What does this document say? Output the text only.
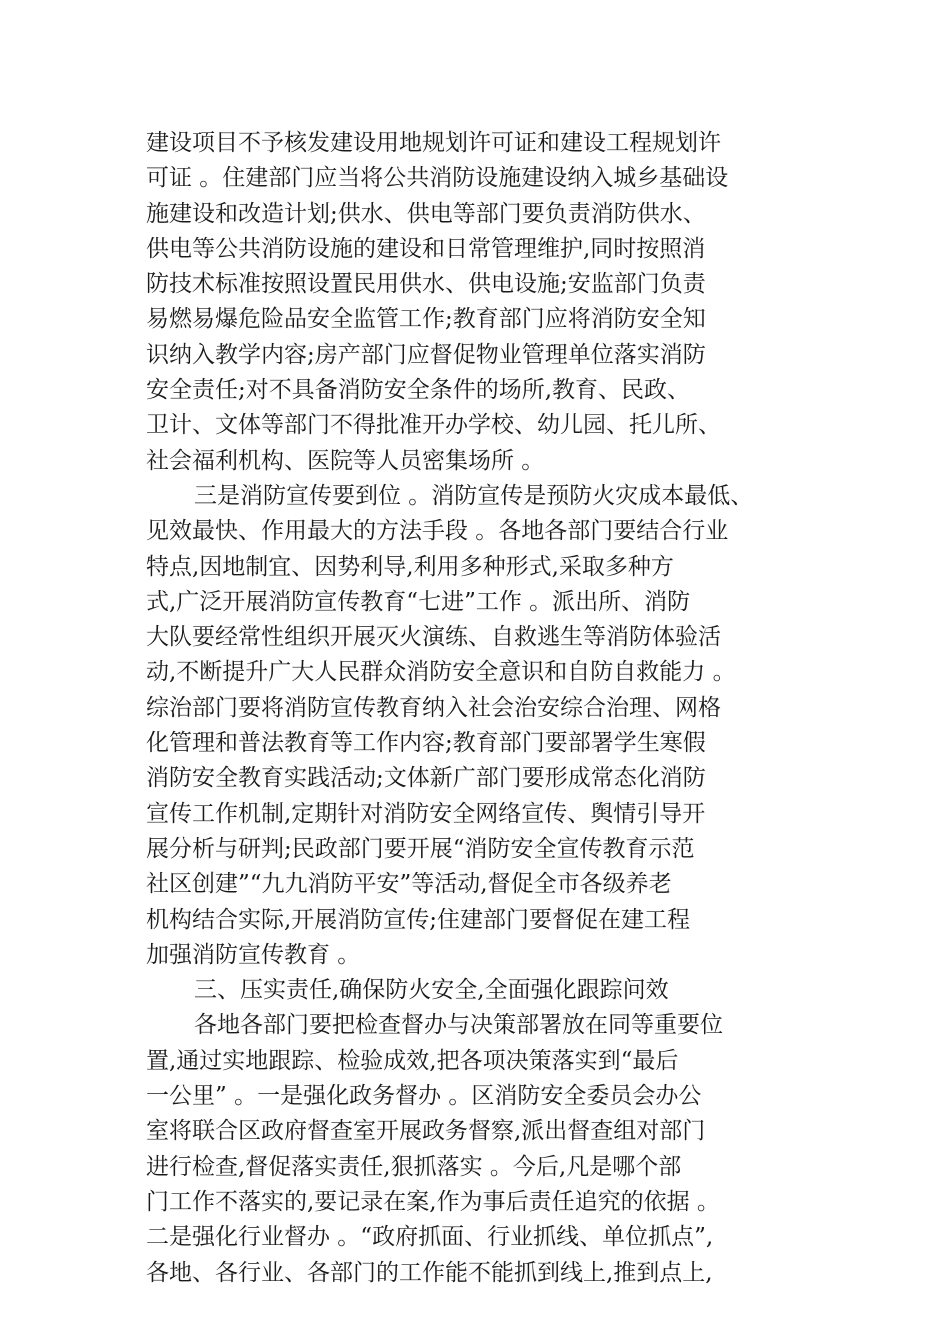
建设项目不予核发建设用地规划许可证和建设工程规划许
可证 。住建部门应当将公共消防设施建设纳入城乡基础设
施建设和改造计划;供水、供电等部门要负责消防供水、
供电等公共消防设施的建设和日常管理维护,同时按照消
防技术标准按照设置民用供水、供电设施;安监部门负责
易燃易爆危险品安全监管工作;教育部门应将消防安全知
识纳入教学内容;房产部门应督促物业管理单位落实消防
安全责任;对不具备消防安全条件的场所,教育、民政、
卫计、文体等部门不得批准开办学校、幼儿园、托儿所、
社会福利机构、医院等人员密集场所 。
三是消防宣传要到位 。消防宣传是预防火灾成本最低、
见效最快、作用最大的方法手段 。各地各部门要结合行业
特点,因地制宜、因势利导,利用多种形式,采取多种方
式,广泛开展消防宣传教育“七进”工作 。派出所、消防
大队要经常性组织开展灭火演练、自救逃生等消防体验活
动,不断提升广大人民群众消防安全意识和自防自救能力 。
综治部门要将消防宣传教育纳入社会治安综合治理、网格
化管理和普法教育等工作内容;教育部门要部署学生寒假
消防安全教育实践活动;文体新广部门要形成常态化消防
宣传工作机制,定期针对消防安全网络宣传、舆情引导开
展分析与研判;民政部门要开展“消防安全宣传教育示范
社区创建”“九九消防平安”等活动,督促全市各级养老
机构结合实际,开展消防宣传;住建部门要督促在建工程
加强消防宣传教育 。
三、压实责任,确保防火安全,全面强化跟踪问效
各地各部门要把检查督办与决策部署放在同等重要位
置,通过实地跟踪、检验成效,把各项决策落实到“最后
一公里” 。一是强化政务督办 。区消防安全委员会办公
室将联合区政府督查室开展政务督察,派出督查组对部门
进行检查,督促落实责任,狠抓落实 。今后,凡是哪个部
门工作不落实的,要记录在案,作为事后责任追究的依据 。
二是强化行业督办 。“政府抓面、行业抓线、单位抓点”,
各地、各行业、各部门的工作能不能抓到线上,推到点上,
